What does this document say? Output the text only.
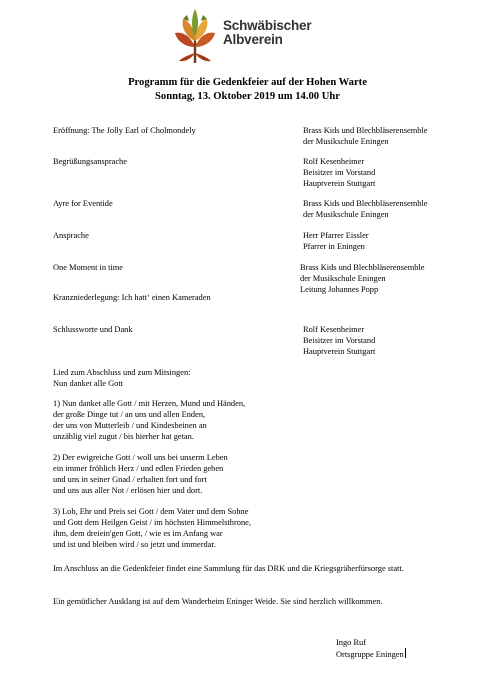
Schwäbischer
Albverein
Programm für die Gedenkfeier auf der Hohen Warte
Sonntag, 13. Oktober 2019 um 14.00 Uhr
Eröffnung: The Jolly Earl of Cholmondely	Brass Kids und Blechbläserensemble
der Musikschule Eningen
Begrüßungsansprache	Rolf Kesenheimer
Beisitzer im Vorstand
Hauptverein Stuttgart
Ayre for Eventide	Brass Kids und Blechbläserensemble
der Musikschule Eningen
Ansprache	Herr Pfarrer Eissler
Pfarrer in Eningen
One Moment in time	Brass Kids und Blechbläserensemble
der Musikschule Eningen
Leitung Johannes Popp
Kranzniederlegung: Ich hatt‘ einen Kameraden
Schlussworte und Dank	Rolf Kesenheimer
Beisitzer im Vorstand
Hauptverein Stuttgart
Lied zum Abschluss und zum Mitsingen:
Nun danket alle Gott
1) Nun danket alle Gott / mit Herzen, Mund und Händen,
der große Dinge tut / an uns und allen Enden,
der uns von Mutterleib / und Kindesbeinen an
unzählig viel zugut / bis hierher hat getan.
2) Der ewigreiche Gott / woll uns bei unserm Leben
ein immer fröhlich Herz / und edlen Frieden geben
und uns in seiner Gnad / erhalten fort und fort
und uns aus aller Not / erlösen hier und dort.
3) Lob, Ehr und Preis sei Gott / dem Vater und dem Sohne
und Gott dem Heilgen Geist / im höchsten Himmelsthrone,
ihm, dem dreiein'gen Gott, / wie es im Anfang war
und ist und bleiben wird / so jetzt und immerdar.
Im Anschluss an die Gedenkfeier findet eine Sammlung für das DRK und die Kriegsgräberfürsorge statt.
Ein gemütlicher Ausklang ist auf dem Wanderheim Eninger Weide. Sie sind herzlich willkommen.
Ingo Ruf
Ortsgruppe Eningen
